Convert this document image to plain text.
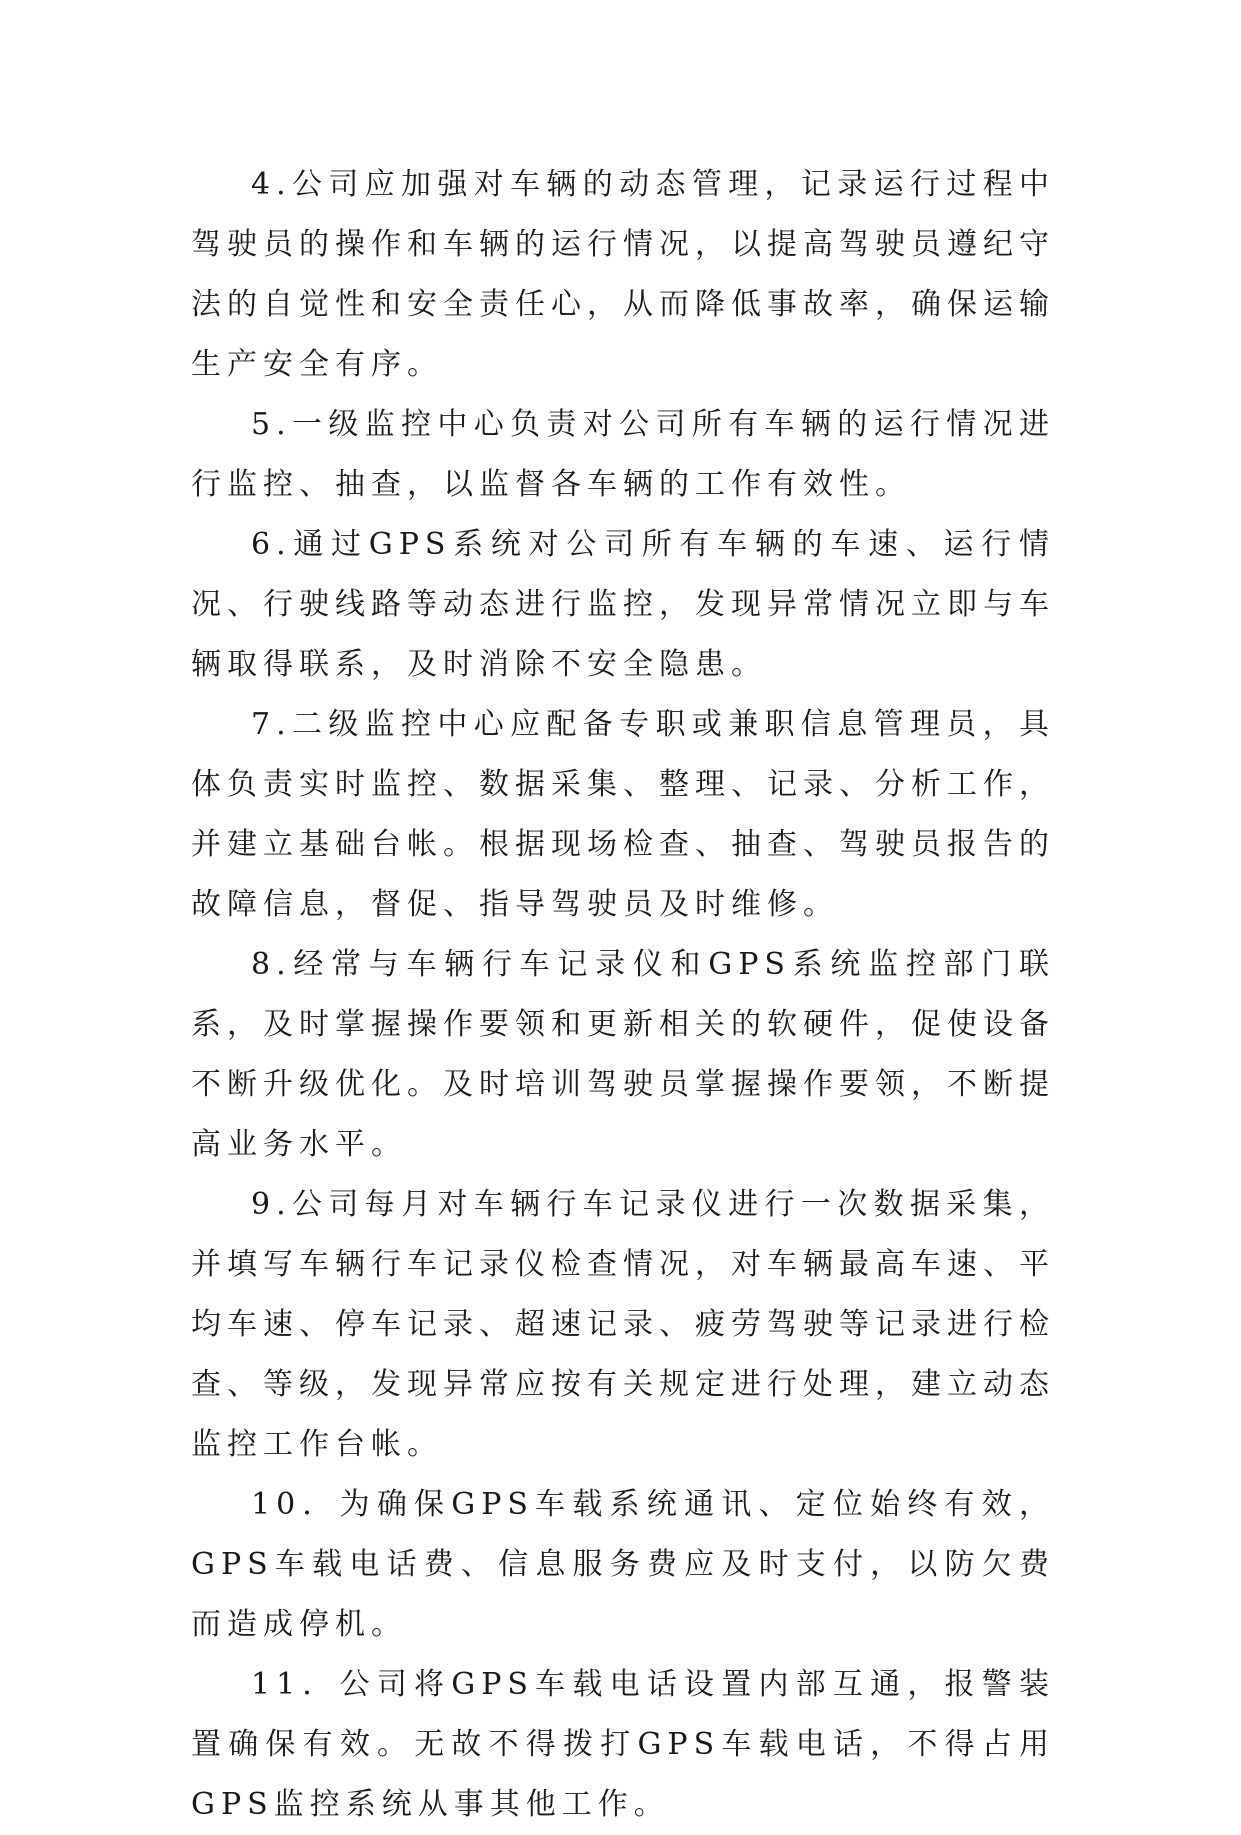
4.公司应加强对车辆的动态管理，记录运行过程中驾驶员的操作和车辆的运行情况，以提高驾驶员遵纪守法的自觉性和安全责任心，从而降低事故率，确保运输生产安全有序。

5.一级监控中心负责对公司所有车辆的运行情况进行监控、抽查，以监督各车辆的工作有效性。

6.通过GPS系统对公司所有车辆的车速、运行情况、行驶线路等动态进行监控，发现异常情况立即与车辆取得联系，及时消除不安全隐患。

7.二级监控中心应配备专职或兼职信息管理员，具体负责实时监控、数据采集、整理、记录、分析工作，并建立基础台帐。根据现场检查、抽查、驾驶员报告的故障信息，督促、指导驾驶员及时维修。

8.经常与车辆行车记录仪和GPS系统监控部门联系，及时掌握操作要领和更新相关的软硬件，促使设备不断升级优化。及时培训驾驶员掌握操作要领，不断提高业务水平。

9.公司每月对车辆行车记录仪进行一次数据采集，并填写车辆行车记录仪检查情况，对车辆最高车速、平均车速、停车记录、超速记录、疲劳驾驶等记录进行检查、等级，发现异常应按有关规定进行处理，建立动态监控工作台帐。

10．为确保GPS车载系统通讯、定位始终有效，GPS车载电话费、信息服务费应及时支付，以防欠费而造成停机。

11．公司将GPS车载电话设置内部互通，报警装置确保有效。无故不得拨打GPS车载电话，不得占用GPS监控系统从事其他工作。
